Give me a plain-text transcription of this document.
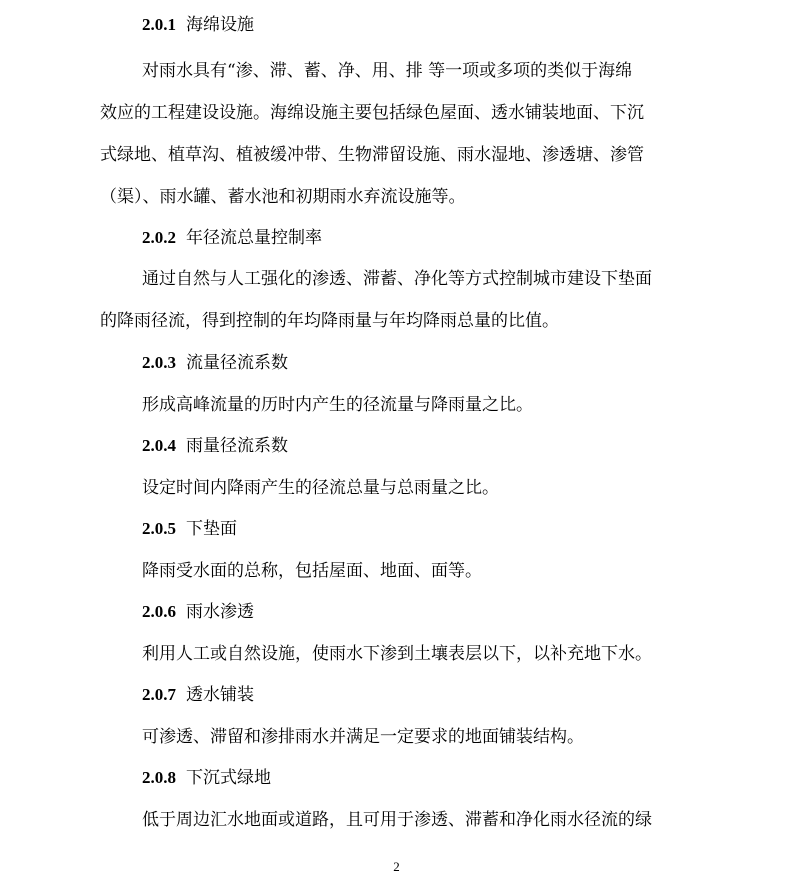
2.0.1 海绵设施
对雨水具有“渗、滞、蓄、净、用、排 等一项或多项的类似于海绵
效应的工程建设设施。海绵设施主要包括绿色屋面、透水铺装地面、下沉
式绿地、植草沟、植被缓冲带、生物滞留设施、雨水湿地、渗透塘、渗管
（渠）、雨水罐、蓄水池和初期雨水弃流设施等。
2.0.2 年径流总量控制率
通过自然与人工强化的渗透、滞蓄、净化等方式控制城市建设下垫面
的降雨径流，得到控制的年均降雨量与年均降雨总量的比值。
2.0.3 流量径流系数
形成高峰流量的历时内产生的径流量与降雨量之比。
2.0.4 雨量径流系数
设定时间内降雨产生的径流总量与总雨量之比。
2.0.5 下垫面
降雨受水面的总称，包括屋面、地面、面等。
2.0.6 雨水渗透
利用人工或自然设施，使雨水下渗到土壤表层以下，以补充地下水。
2.0.7 透水铺装
可渗透、滞留和渗排雨水并满足一定要求的地面铺装结构。
2.0.8 下沉式绿地
低于周边汇水地面或道路，且可用于渗透、滞蓄和净化雨水径流的绿
2
